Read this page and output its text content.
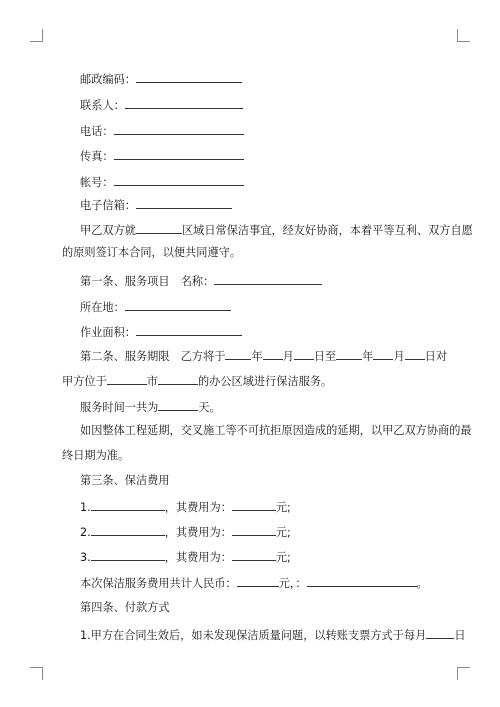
邮政编码：
联系人：
电话：
传真：
帐号：
电子信箱：
甲乙双方就	区域日常保洁事宜，经友好协商，本着平等互利、双方自愿
的原则签订本合同，以便共同遵守。
第一条、服务项目　名称：
所在地：
作业面积：
第二条、服务期限　乙方将于 年 月 日至 年 月 日对
甲方位于	市	的办公区域进行保洁服务。
服务时间一共为	天。
如因整体工程延期，交叉施工等不可抗拒原因造成的延期，以甲乙双方协商的最
终日期为准。
第三条、保洁费用
1.	，其费用为：	元;
2.	，其费用为：	元;
3.	，其费用为：	元;
本次保洁服务费用共计人民币：	元，：	。
第四条、付款方式
1.甲方在合同生效后，如未发现保洁质量问题，以转账支票方式于每月	日
